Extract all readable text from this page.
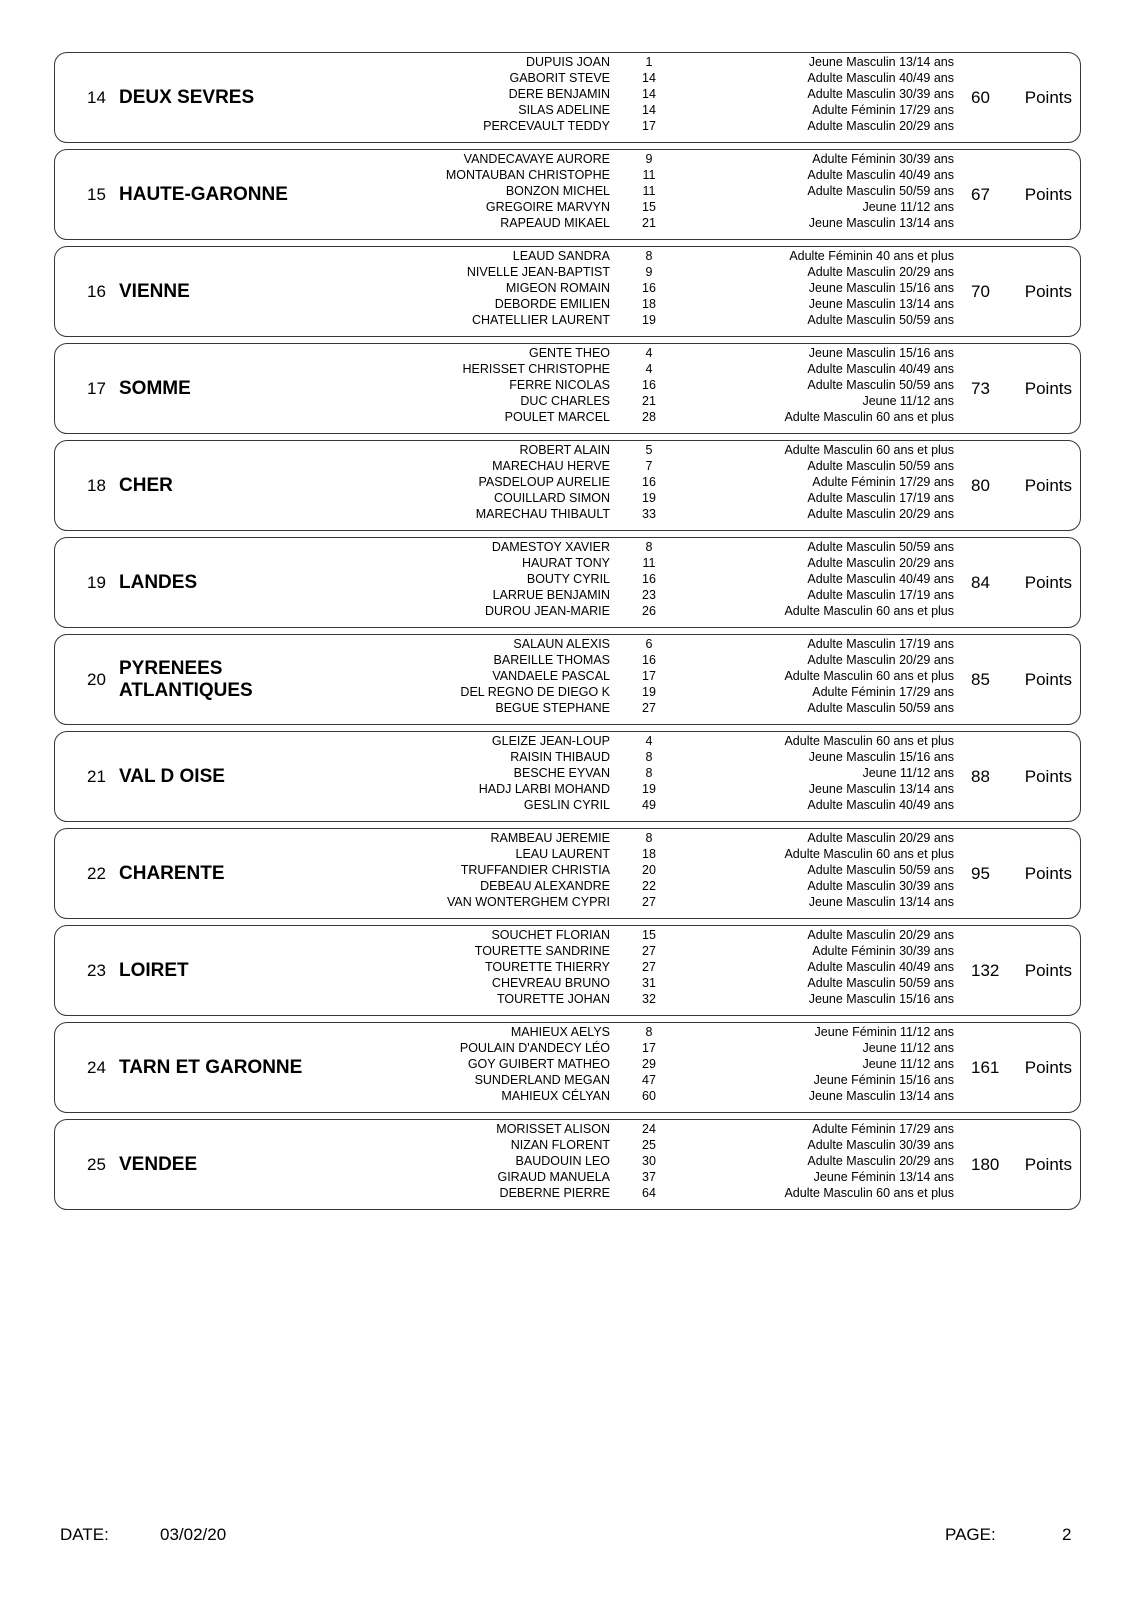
14 DEUX SEVRES
DUPUIS JOAN	1	Jeune Masculin 13/14 ans
GABORIT STEVE	14	Adulte Masculin 40/49 ans
DERE BENJAMIN	14	Adulte Masculin 30/39 ans
SILAS ADELINE	14	Adulte Féminin 17/29 ans
PERCEVAULT TEDDY	17	Adulte Masculin 20/29 ans
60 Points
15 HAUTE-GARONNE
VANDECAVAYE AURORE	9	Adulte Féminin 30/39 ans
MONTAUBAN CHRISTOPHE	11	Adulte Masculin 40/49 ans
BONZON MICHEL	11	Adulte Masculin 50/59 ans
GREGOIRE MARVYN	15	Jeune 11/12 ans
RAPEAUD MIKAEL	21	Jeune Masculin 13/14 ans
67 Points
16 VIENNE
LEAUD SANDRA	8	Adulte Féminin 40 ans et plus
NIVELLE JEAN-BAPTIST	9	Adulte Masculin 20/29 ans
MIGEON ROMAIN	16	Jeune Masculin 15/16 ans
DEBORDE EMILIEN	18	Jeune Masculin 13/14 ans
CHATELLIER LAURENT	19	Adulte Masculin 50/59 ans
70 Points
17 SOMME
GENTE THEO	4	Jeune Masculin 15/16 ans
HERISSET CHRISTOPHE	4	Adulte Masculin 40/49 ans
FERRE NICOLAS	16	Adulte Masculin 50/59 ans
DUC CHARLES	21	Jeune 11/12 ans
POULET MARCEL	28	Adulte Masculin 60 ans et plus
73 Points
18 CHER
ROBERT ALAIN	5	Adulte Masculin 60 ans et plus
MARECHAU HERVE	7	Adulte Masculin 50/59 ans
PASDELOUP AURELIE	16	Adulte Féminin 17/29 ans
COUILLARD SIMON	19	Adulte Masculin 17/19 ans
MARECHAU THIBAULT	33	Adulte Masculin 20/29 ans
80 Points
19 LANDES
DAMESTOY XAVIER	8	Adulte Masculin 50/59 ans
HAURAT TONY	11	Adulte Masculin 20/29 ans
BOUTY CYRIL	16	Adulte Masculin 40/49 ans
LARRUE BENJAMIN	23	Adulte Masculin 17/19 ans
DUROU JEAN-MARIE	26	Adulte Masculin 60 ans et plus
84 Points
20
PYRENEES ATLANTIQUES
SALAUN ALEXIS	6	Adulte Masculin 17/19 ans
BAREILLE THOMAS	16	Adulte Masculin 20/29 ans
VANDAELE PASCAL	17	Adulte Masculin 60 ans et plus
DEL REGNO DE DIEGO K	19	Adulte Féminin 17/29 ans
BEGUE STEPHANE	27	Adulte Masculin 50/59 ans
85 Points
21 VAL D OISE
GLEIZE JEAN-LOUP	4	Adulte Masculin 60 ans et plus
RAISIN THIBAUD	8	Jeune Masculin 15/16 ans
BESCHE EYVAN	8	Jeune 11/12 ans
HADJ LARBI MOHAND	19	Jeune Masculin 13/14 ans
GESLIN CYRIL	49	Adulte Masculin 40/49 ans
88 Points
22 CHARENTE
RAMBEAU JEREMIE	8	Adulte Masculin 20/29 ans
LEAU LAURENT	18	Adulte Masculin 60 ans et plus
TRUFFANDIER CHRISTIA	20	Adulte Masculin 50/59 ans
DEBEAU ALEXANDRE	22	Adulte Masculin 30/39 ans
VAN WONTERGHEM CYPRI	27	Jeune Masculin 13/14 ans
95 Points
23 LOIRET
SOUCHET FLORIAN	15	Adulte Masculin 20/29 ans
TOURETTE SANDRINE	27	Adulte Féminin 30/39 ans
TOURETTE THIERRY	27	Adulte Masculin 40/49 ans
CHEVREAU BRUNO	31	Adulte Masculin 50/59 ans
TOURETTE JOHAN	32	Jeune Masculin 15/16 ans
132 Points
24 TARN ET GARONNE
MAHIEUX AELYS	8	Jeune Féminin 11/12 ans
POULAIN D'ANDECY LÉO	17	Jeune 11/12 ans
GOY GUIBERT MATHEO	29	Jeune 11/12 ans
SUNDERLAND MEGAN	47	Jeune Féminin 15/16 ans
MAHIEUX CÉLYAN	60	Jeune Masculin 13/14 ans
161 Points
25 VENDEE
MORISSET ALISON	24	Adulte Féminin 17/29 ans
NIZAN FLORENT	25	Adulte Masculin 30/39 ans
BAUDOUIN LEO	30	Adulte Masculin 20/29 ans
GIRAUD MANUELA	37	Jeune Féminin 13/14 ans
DEBERNE PIERRE	64	Adulte Masculin 60 ans et plus
180 Points
DATE:	03/02/20	PAGE:	2
